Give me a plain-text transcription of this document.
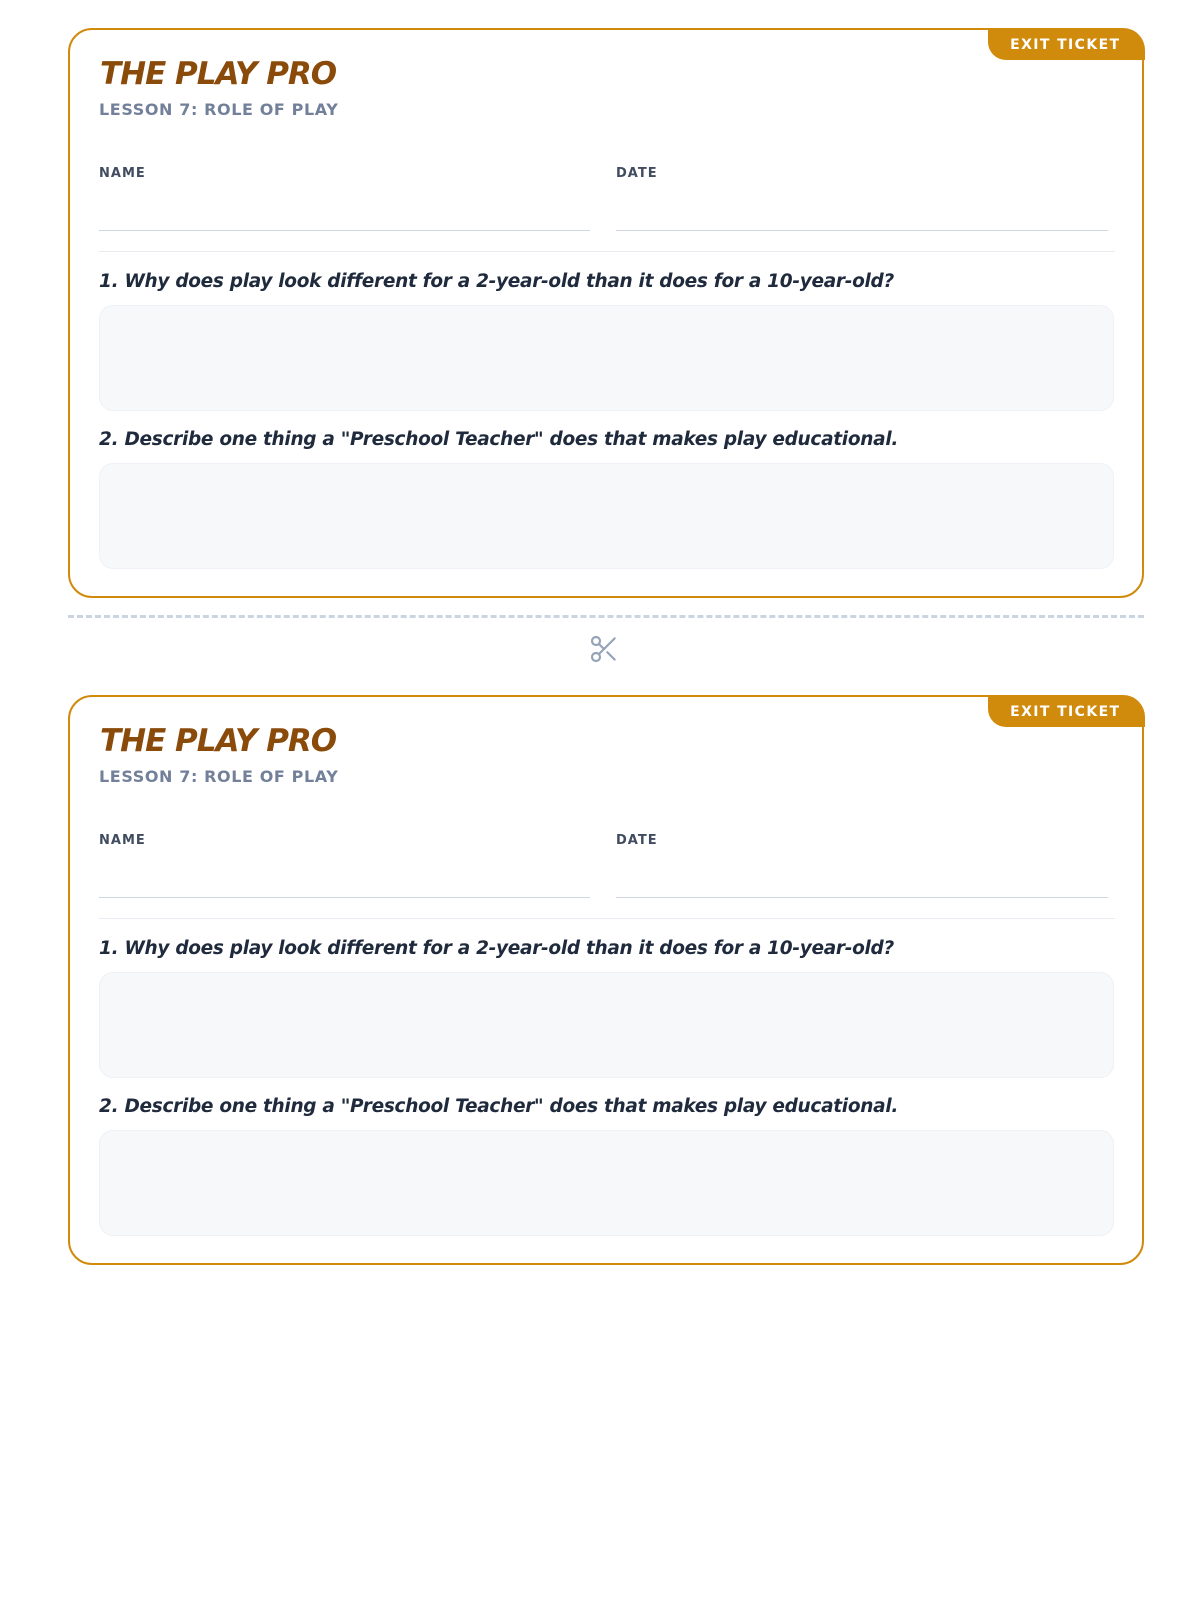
EXIT TICKET
THE PLAY PRO
LESSON 7: ROLE OF PLAY
NAME	DATE
1. Why does play look different for a 2-year-old than it does for a 10-year-old?
2. Describe one thing a "Preschool Teacher" does that makes play educational.
EXIT TICKET
THE PLAY PRO
LESSON 7: ROLE OF PLAY
NAME	DATE
1. Why does play look different for a 2-year-old than it does for a 10-year-old?
2. Describe one thing a "Preschool Teacher" does that makes play educational.
